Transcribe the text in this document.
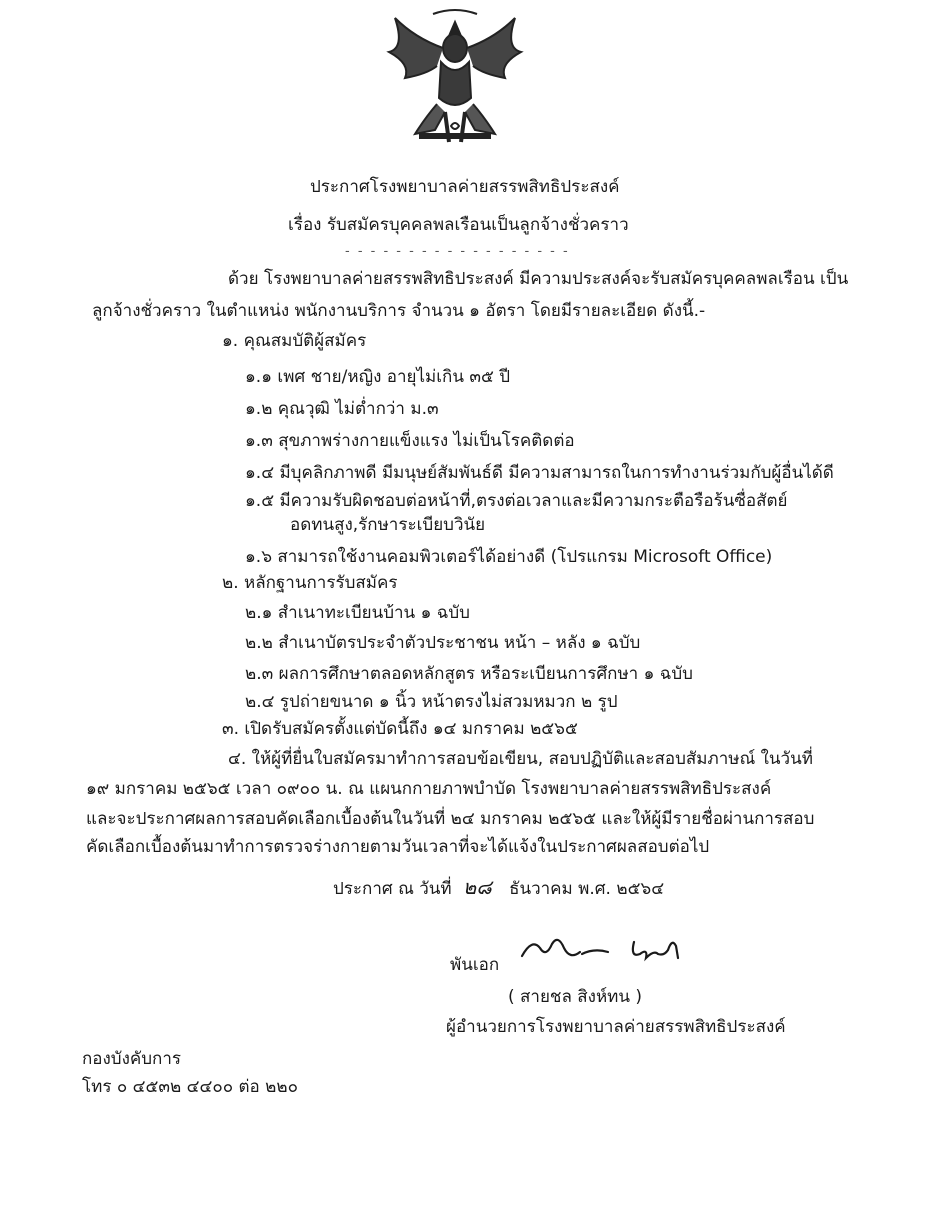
ประกาศโรงพยาบาลค่ายสรรพสิทธิประสงค์
เรื่อง รับสมัครบุคคลพลเรือนเป็นลูกจ้างชั่วคราว
- - - - - - - - - - - - - - - - - -
ด้วย โรงพยาบาลค่ายสรรพสิทธิประสงค์ มีความประสงค์จะรับสมัครบุคคลพลเรือน เป็น
ลูกจ้างชั่วคราว ในตำแหน่ง พนักงานบริการ จำนวน ๑ อัตรา โดยมีรายละเอียด ดังนี้.-
๑. คุณสมบัติผู้สมัคร
๑.๑ เพศ ชาย/หญิง อายุไม่เกิน ๓๕ ปี
๑.๒ คุณวุฒิ ไม่ต่ำกว่า ม.๓
๑.๓ สุขภาพร่างกายแข็งแรง ไม่เป็นโรคติดต่อ
๑.๔ มีบุคลิกภาพดี มีมนุษย์สัมพันธ์ดี มีความสามารถในการทำงานร่วมกับผู้อื่นได้ดี
๑.๕ มีความรับผิดชอบต่อหน้าที่,ตรงต่อเวลาและมีความกระตือรือร้นซื่อสัตย์
อดทนสูง,รักษาระเบียบวินัย
๑.๖ สามารถใช้งานคอมพิวเตอร์ได้อย่างดี (โปรแกรม Microsoft Office)
๒. หลักฐานการรับสมัคร
๒.๑ สำเนาทะเบียนบ้าน ๑ ฉบับ
๒.๒ สำเนาบัตรประจำตัวประชาชน หน้า – หลัง ๑ ฉบับ
๒.๓ ผลการศึกษาตลอดหลักสูตร หรือระเบียนการศึกษา ๑ ฉบับ
๒.๔ รูปถ่ายขนาด ๑ นิ้ว หน้าตรงไม่สวมหมวก ๒ รูป
๓. เปิดรับสมัครตั้งแต่บัดนี้ถึง ๑๔ มกราคม ๒๕๖๕
๔. ให้ผู้ที่ยื่นใบสมัครมาทำการสอบข้อเขียน, สอบปฏิบัติและสอบสัมภาษณ์ ในวันที่
๑๙ มกราคม ๒๕๖๕ เวลา ๐๙๐๐ น. ณ แผนกกายภาพบำบัด โรงพยาบาลค่ายสรรพสิทธิประสงค์
และจะประกาศผลการสอบคัดเลือกเบื้องต้นในวันที่ ๒๔ มกราคม ๒๕๖๕ และให้ผู้มีรายชื่อผ่านการสอบ
คัดเลือกเบื้องต้นมาทำการตรวจร่างกายตามวันเวลาที่จะได้แจ้งในประกาศผลสอบต่อไป
ประกาศ ณ วันที่ ๒๘ ธันวาคม พ.ศ. ๒๕๖๔
พันเอก
( สายชล สิงห์ทน )
ผู้อำนวยการโรงพยาบาลค่ายสรรพสิทธิประสงค์
กองบังคับการ
โทร ๐ ๔๕๓๒ ๔๔๐๐ ต่อ ๒๒๐
